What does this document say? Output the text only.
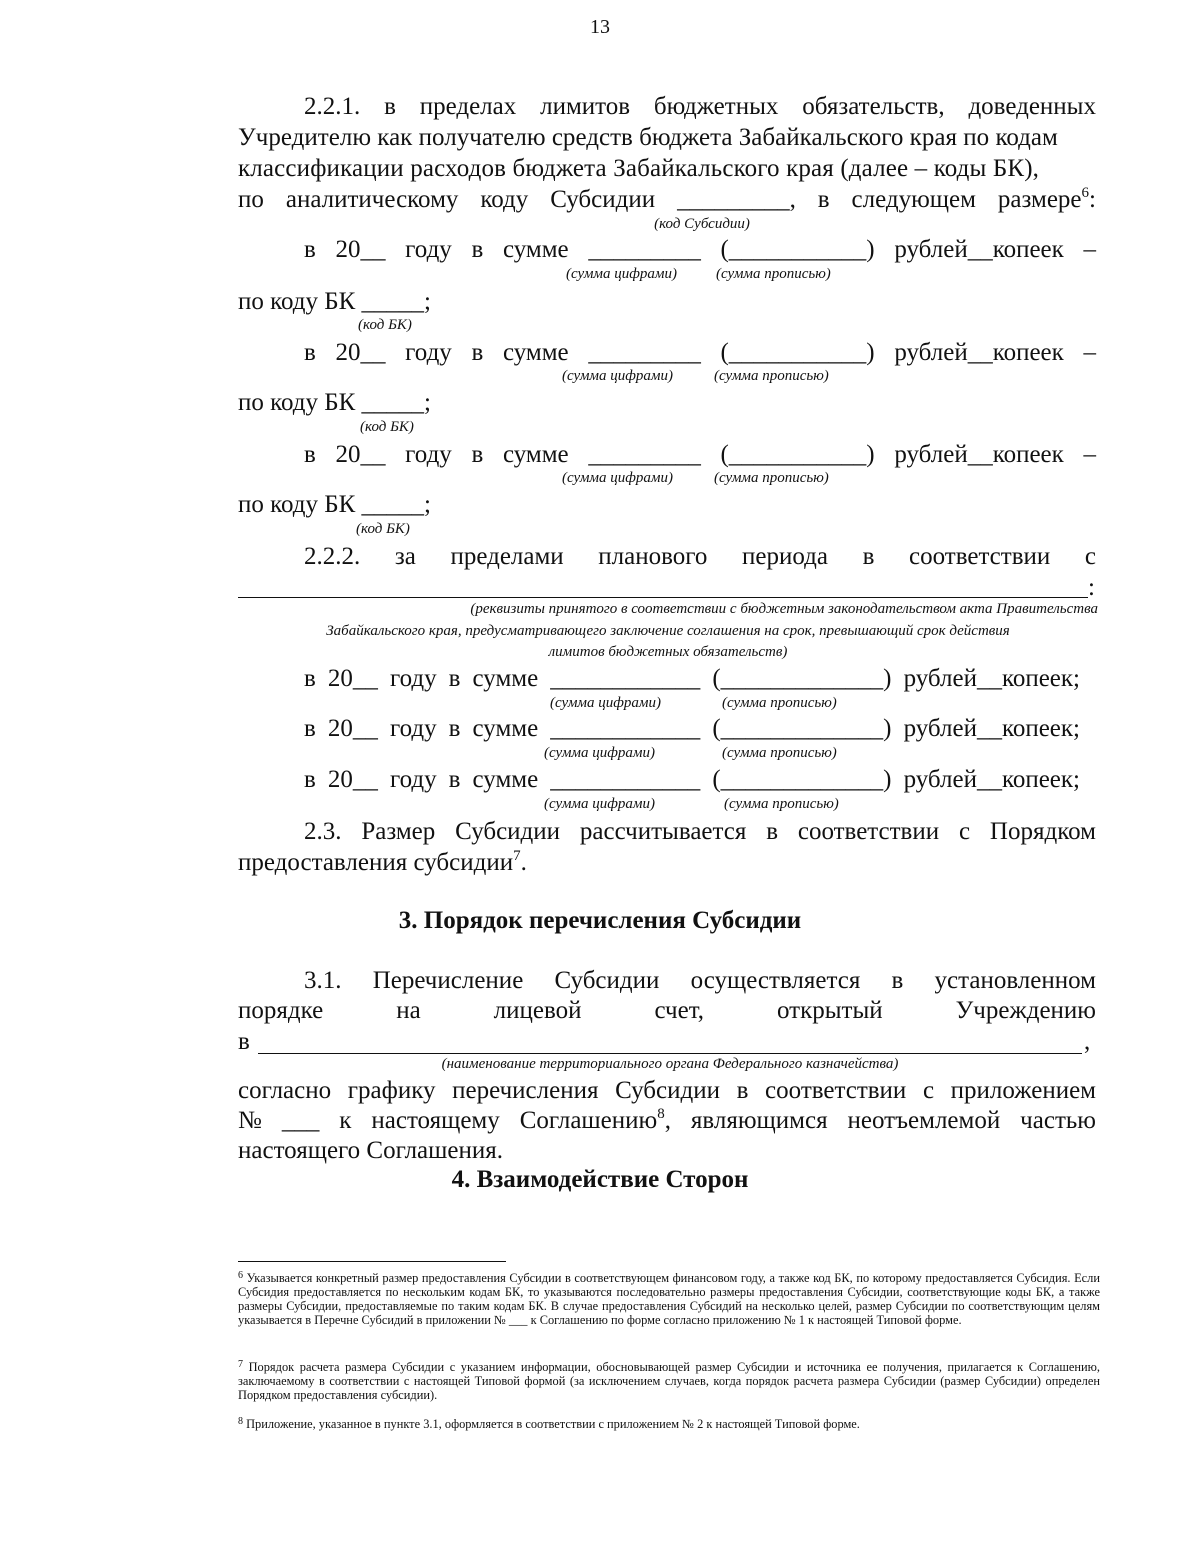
13
2.2.1. в пределах лимитов бюджетных обязательств, доведенных
Учредителю как получателю средств бюджета Забайкальского края по кодам
классификации расходов бюджета Забайкальского края (далее – коды БК),
по аналитическому коду Субсидии _________, в следующем размере$^6$:
(код Субсидии)
в 20__ году в сумме _________ (___________) рублей__копеек –
(сумма цифрами)	(сумма прописью)
по коду БК _____;
(код БК)
в 20__ году в сумме _________ (___________) рублей__копеек –
(сумма цифрами)	(сумма прописью)
по коду БК _____;
(код БК)
в 20__ году в сумме _________ (___________) рублей__копеек –
(сумма цифрами)	(сумма прописью)
по коду БК _____;
(код БК)
2.2.2. за пределами планового периода в соответствии с
:
(реквизиты принятого в соответствии с бюджетным законодательством акта Правительства
Забайкальского края, предусматривающего заключение соглашения на срок, превышающий срок действия
лимитов бюджетных обязательств)
в 20__ году в сумме ____________ (_____________) рублей__копеек;
(сумма цифрами)	(сумма прописью)
в 20__ году в сумме ____________ (_____________) рублей__копеек;
(сумма цифрами)	(сумма прописью)
в 20__ году в сумме ____________ (_____________) рублей__копеек;
(сумма цифрами)	(сумма прописью)
2.3. Размер Субсидии рассчитывается в соответствии с Порядком
предоставления субсидии$^7$.
3. Порядок перечисления Субсидии
3.1. Перечисление Субсидии осуществляется в установленном
порядке	на	лицевой	счет,	открытый	Учреждению
в	,
(наименование территориального органа Федерального казначейства)
согласно графику перечисления Субсидии в соответствии с приложением
№ ___ к настоящему Соглашению$^8$, являющимся неотъемлемой частью
настоящего Соглашения.
4. Взаимодействие Сторон
$^6$ Указывается конкретный размер предоставления Субсидии в соответствующем финансовом году, а также код БК, по которому предоставляется Субсидия. Если Субсидия предоставляется по нескольким кодам БК, то указываются последовательно размеры предоставления Субсидии, соответствующие коды БК, а также размеры Субсидии, предоставляемые по таким кодам БК. В случае предоставления Субсидий на несколько целей, размер Субсидии по соответствующим целям указывается в Перечне Субсидий в приложении № ___ к Соглашению по форме согласно приложению № 1 к настоящей Типовой форме.
$^7$ Порядок расчета размера Субсидии с указанием информации, обосновывающей размер Субсидии и источника ее получения, прилагается к Соглашению, заключаемому в соответствии с настоящей Типовой формой (за исключением случаев, когда порядок расчета размера Субсидии (размер Субсидии) определен Порядком предоставления субсидии).
$^8$ Приложение, указанное в пункте 3.1, оформляется в соответствии с приложением № 2 к настоящей Типовой форме.
